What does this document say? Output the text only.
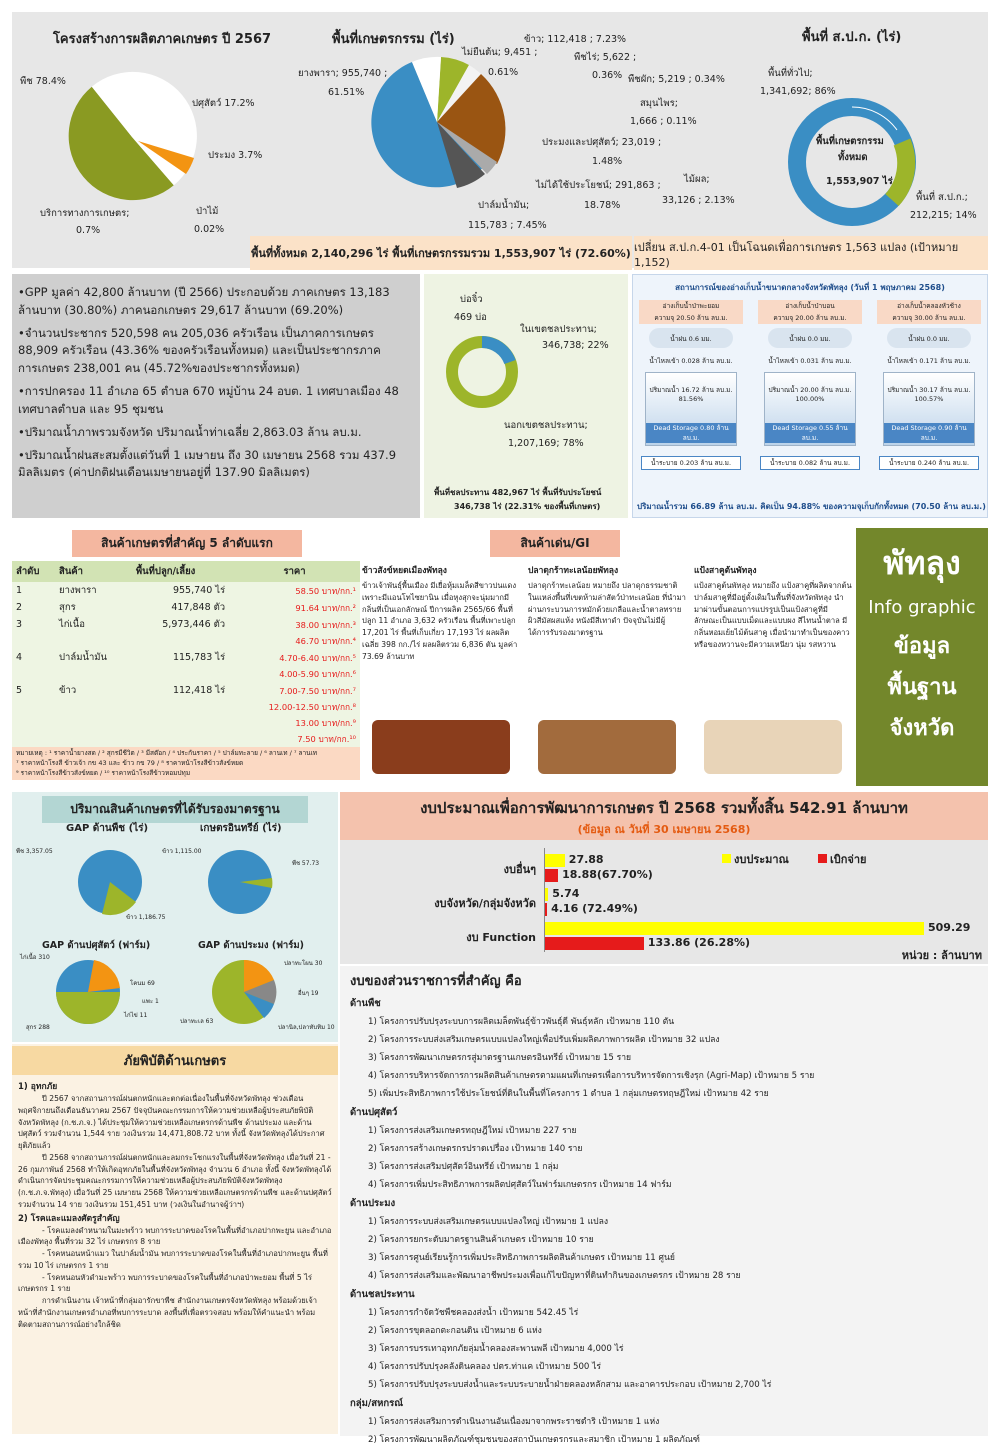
โครงสร้างการผลิตภาคเกษตร ปี 2567
พืช 78.4%
ปศุสัตว์ 17.2%
ประมง 3.7%
บริการทางการเกษตร;
0.7%
ป่าไม้
0.02%
พื้นที่เกษตรกรรม (ไร่)	ข้าว; 112,418 ; 7.23%
ไม่ยืนต้น; 9,451 ;
0.61%
พืชไร่; 5,622 ;
0.36% พืชผัก; 5,219 ; 0.34%
สมุนไพร;
1,666 ; 0.11%
ประมงและปศุสัตว์; 23,019 ;
1.48%
ไม่ได้ใช้ประโยชน์; 291,863 ;
18.78%
ไม้ผล;
33,126 ; 2.13%
ปาล์มน้ำมัน;
115,783 ; 7.45%
ยางพารา; 955,740 ;
61.51%
พื้นที่ ส.ป.ก. (ไร่)
พื้นที่ทั่วไป;
1,341,692; 86%
พื้นที่เกษตรกรรม
ทั้งหมด
1,553,907 ไร่
พื้นที่ ส.ป.ก.;
212,215; 14%
พื้นที่ทั้งหมด 2,140,296 ไร่ พื้นที่เกษตรกรรมรวม 1,553,907 ไร่ (72.60%) เปลี่ยน ส.ป.ก.4-01 เป็นโฉนดเพื่อการเกษตร 1,563 แปลง (เป้าหมาย 1,152)
•GPP มูลค่า 42,800 ล้านบาท (ปี 2566) ประกอบด้วย ภาคเกษตร 13,183 ล้านบาท (30.80%) ภาคนอกเกษตร 29,617 ล้านบาท (69.20%)
•จำนวนประชากร 520,598 คน 205,036 ครัวเรือน เป็นภาคการเกษตร 88,909 ครัวเรือน (43.36% ของครัวเรือนทั้งหมด) และเป็นประชากรภาคการเกษตร 238,001 คน (45.72%ของประชากรทั้งหมด)
•การปกครอง 11 อำเภอ 65 ตำบล 670 หมู่บ้าน 24 อบต. 1 เทศบาลเมือง 48 เทศบาลตำบล และ 95 ชุมชน
•ปริมาณน้ำภาพรวมจังหวัด ปริมาณน้ำท่าเฉลี่ย 2,863.03 ล้าน ลบ.ม.
•ปริมาณน้ำฝนสะสมตั้งแต่วันที่ 1 เมษายน ถึง 30 เมษายน 2568 รวม 437.9 มิลลิเมตร (ค่าปกติฝนเดือนเมษายนอยู่ที่ 137.90 มิลลิเมตร)
บ่อจิ๋ว
469 บ่อ
ในเขตชลประทาน;
346,738; 22%
นอกเขตชลประทาน;
1,207,169; 78%
พื้นที่ชลประทาน 482,967 ไร่ พื้นที่รับประโยชน์
346,738 ไร่ (22.31% ของพื้นที่เกษตร)
สถานการณ์ของอ่างเก็บน้ำขนาดกลางจังหวัดพัทลุง (วันที่ 1 พฤษภาคม 2568)
อ่างเก็บน้ำป่าพะยอม
ความจุ 20.50 ล้าน ลบ.ม.
น้ำฝน 0.6 มม.
น้ำไหลเข้า 0.028 ล้าน ลบ.ม.
ปริมาณน้ำ 16.72 ล้าน ลบ.ม.
81.56%
Dead Storage 0.80 ล้าน ลบ.ม.
น้ำระบาย 0.203 ล้าน ลบ.ม.
อ่างเก็บน้ำป่าบอน
ความจุ 20.00 ล้าน ลบ.ม.
น้ำฝน 0.0 มม.
น้ำไหลเข้า 0.031 ล้าน ลบ.ม.
ปริมาณน้ำ 20.00 ล้าน ลบ.ม.
100.00%
Dead Storage 0.55 ล้าน ลบ.ม.
น้ำระบาย 0.082 ล้าน ลบ.ม.
อ่างเก็บน้ำคลองหัวช้าง
ความจุ 30.00 ล้าน ลบ.ม.
น้ำฝน 0.0 มม.
น้ำไหลเข้า 0.171 ล้าน ลบ.ม.
ปริมาณน้ำ 30.17 ล้าน ลบ.ม.
100.57%
Dead Storage 0.90 ล้าน ลบ.ม.
น้ำระบาย 0.240 ล้าน ลบ.ม.
ปริมาณน้ำรวม 66.89 ล้าน ลบ.ม. คิดเป็น 94.88% ของความจุเก็บกักทั้งหมด (70.50 ล้าน ลบ.ม.)
สินค้าเกษตรที่สำคัญ 5 ลำดับแรก
ลำดับ	สินค้า	พื้นที่ปลูก/เลี้ยง	ราคา
1	ยางพารา	955,740 ไร่	58.50 บาท/กก.¹
2	สุกร	417,848 ตัว	91.64 บาท/กก.²
3	ไก่เนื้อ	5,973,446 ตัว	38.00 บาท/กก.³
			46.70 บาท/กก.⁴
4	ปาล์มน้ำมัน	115,783 ไร่	4.70-6.40 บาท/กก.⁵
			4.00-5.90 บาท/กก.⁶
5	ข้าว	112,418 ไร่	7.00-7.50 บาท/กก.⁷
			12.00-12.50 บาท/กก.⁸
			13.00 บาท/กก.⁹
			7.50 บาท/กก.¹⁰
หมายเหตุ : ¹ ราคาน้ำยางสด / ² สุกรมีชีวิต / ³ มีสต๊อก / ⁴ ประกันราคา / ⁵ ปาล์มทะลาย / ⁶ ลานเท / ⁷ ลานเท
⁷ ราคาหน้าโรงสี ข้าวเจ้า กข 43 และ ข้าว กข 79 / ⁸ ราคาหน้าโรงสีข้าวสังข์หยด
⁹ ราคาหน้าโรงสีข้าวสังข์หยด / ¹⁰ ราคาหน้าโรงสีข้าวหอมปทุม
สินค้าเด่น/GI
ข้าวสังข์หยดเมืองพัทลุง
ข้าวเจ้าพันธุ์พื้นเมือง มีเยื่อหุ้มเมล็ดสีขาวปนแดง เพราะมีแอนโทไซยานิน เมื่อหุงสุกจะนุ่มมากมีกลิ่นที่เป็นเอกลักษณ์ ปีการผลิต 2565/66 พื้นที่ปลูก 11 อำเภอ 3,632 ครัวเรือน พื้นที่เพาะปลูก 17,201 ไร่ พื้นที่เก็บเกี่ยว 17,193 ไร่ ผลผลิตเฉลี่ย 398 กก./ไร่ ผลผลิตรวม 6,836 ตัน มูลค่า 73.69 ล้านบาท
ปลาดุกร้าทะเลน้อยพัทลุง
ปลาดุกร้าทะเลน้อย หมายถึง ปลาดุกธรรมชาติ ในแหล่งพื้นที่เขตห้ามล่าสัตว์ป่าทะเลน้อย ที่นำมาผ่านกระบวนการหมักด้วยเกลือและน้ำตาลทราย ผิวสีมัสผสแห้ง หนังมีสีเทาดำ ปัจจุบันไม่มีผู้ได้การรับรองมาตรฐาน
แป้งสาคูต้นพัทลุง
แป้งสาคูต้นพัทลุง หมายถึง แป้งสาคูที่ผลิตจากต้นปาล์มสาคูที่มีอยู่ดั้งเดิมในพื้นที่จังหวัดพัทลุง นำมาผ่านขั้นตอนการแปรรูปเป็นแป้งสาคูที่มีลักษณะเป็นแบบเม็ดและแบบผง สีไทนน้ำตาล มีกลิ่นหอมเย้ยไม้ต้นสาคู เมื่อนำมาทำเป็นของคาวหรือของหวานจะมีความเหนียว นุ่ม รสหวาน
พัทลุง
Info graphic
ข้อมูล
พื้นฐาน
จังหวัด
ปริมาณสินค้าเกษตรที่ได้รับรองมาตรฐาน
GAP ด้านพืช (ไร่)	เกษตรอินทรีย์ (ไร่)
พืช 3,357.05
ข้าว 1,186.75
ข้าว 1,115.00
พืช 57.73
GAP ด้านปศุสัตว์ (ฟาร์ม)	GAP ด้านประมง (ฟาร์ม)
ไก่เนื้อ 310
โคนม 69
สุกร 288
ไก่ไข่ 11
แพะ 1
ปลาทะเล 63
ปลาทะโผน 30
อื่นๆ 19
ปลานิล,ปลาทับทิม 10
ภัยพิบัติด้านเกษตร
1) อุทกภัย

ปี 2567 จากสถานการณ์ฝนตกหนักและตกต่อเนื่องในพื้นที่จังหวัดพัทลุง ช่วงเดือนพฤศจิกายนถึงเดือนธันวาคม 2567 ปัจจุบันคณะกรรมการให้ความช่วยเหลือผู้ประสบภัยพิบัติจังหวัดพัทลุง (ก.ช.ภ.จ.) ได้ประชุมให้ความช่วยเหลือเกษตรกรด้านพืช ด้านประมง และด้านปศุสัตว์ รวมจำนวน 1,544 ราย วงเงินรวม 14,471,808.72 บาท ทั้งนี้ จังหวัดพัทลุงได้ประกาศยุติภัยแล้ว

ปี 2568 จากสถานการณ์ฝนตกหนักและลมกระโชกแรงในพื้นที่จังหวัดพัทลุง เมื่อวันที่ 21 - 26 กุมภาพันธ์ 2568 ทำให้เกิดอุทกภัยในพื้นที่จังหวัดพัทลุง จำนวน 6 อำเภอ ทั้งนี้ จังหวัดพัทลุงได้ดำเนินการจัดประชุมคณะกรรมการให้ความช่วยเหลือผู้ประสบภัยพิบัติจังหวัดพัทลุง (ก.ช.ภ.จ.พัทลุง) เมื่อวันที่ 25 เมษายน 2568 ให้ความช่วยเหลือเกษตรกรด้านพืช และด้านปศุสัตว์ รวมจำนวน 14 ราย วงเงินรวม 151,451 บาท (วงเงินในอำนาจผู้ว่าฯ)

2) โรคและแมลงศัตรูสำคัญ

- โรคแมลงดำหนามในมะพร้าว พบการระบาดของโรคในพื้นที่อำเภอปากพะยูน และอำเภอเมืองพัทลุง พื้นที่รวม 32 ไร่ เกษตรกร 8 ราย

- โรคหนอนหน้าแมว ในปาล์มน้ำมัน พบการระบาดของโรคในพื้นที่อำเภอปากพะยูน พื้นที่รวม 10 ไร่ เกษตรกร 1 ราย

- โรคหนอนหัวดำมะพร้าว พบการระบาดของโรคในพื้นที่อำเภอป่าพะยอม พื้นที่ 5 ไร่ เกษตรกร 1 ราย

การดำเนินงาน เจ้าหน้าที่กลุ่มอารักขาพืช สำนักงานเกษตรจังหวัดพัทลุง พร้อมด้วยเจ้าหน้าที่สำนักงานเกษตรอำเภอที่พบการระบาด ลงพื้นที่เพื่อตรวจสอบ พร้อมให้คำแนะนำ พร้อมติดตามสถานการณ์อย่างใกล้ชิด

งบประมาณเพื่อการพัฒนาการเกษตร ปี 2568 รวมทั้งสิ้น 542.91 ล้านบาท
(ข้อมูล ณ วันที่ 30 เมษายน 2568)
งบประมาณ	เบิกจ่าย
งบอื่นๆ
27.88
18.88(67.70%)
งบจังหวัด/กลุ่มจังหวัด
5.74
4.16 (72.49%)
งบ Function
509.29
133.86 (26.28%)
หน่วย : ล้านบาท
งบของส่วนราชการที่สำคัญ คือ
ด้านพืช
1) โครงการปรับปรุงระบบการผลิตเมล็ดพันธุ์ข้าวพันธุ์ดี พันธุ์หลัก เป้าหมาย 110 ตัน
2) โครงการระบบส่งเสริมเกษตรแบบแปลงใหญ่เพื่อปรับเพิ่มผลิตภาพการผลิต เป้าหมาย 32 แปลง
3) โครงการพัฒนาเกษตรกรสู่มาตรฐานเกษตรอินทรีย์ เป้าหมาย 15 ราย
4) โครงการบริหารจัดการการผลิตสินค้าเกษตรตามแผนที่เกษตรเพื่อการบริหารจัดการเชิงรุก (Agri-Map) เป้าหมาย 5 ราย
5) เพิ่มประสิทธิภาพการใช้ประโยชน์ที่ดินในพื้นที่โครงการ 1 ตำบล 1 กลุ่มเกษตรทฤษฎีใหม่ เป้าหมาย 42 ราย
ด้านปศุสัตว์
1) โครงการส่งเสริมเกษตรทฤษฎีใหม่ เป้าหมาย 227 ราย
2) โครงการสร้างเกษตรกรปราดเปรื่อง เป้าหมาย 140 ราย
3) โครงการส่งเสริมปศุสัตว์อินทรีย์ เป้าหมาย 1 กลุ่ม
4) โครงการเพิ่มประสิทธิภาพการผลิตปศุสัตว์ในฟาร์มเกษตรกร เป้าหมาย 14 ฟาร์ม
ด้านประมง
1) โครงการระบบส่งเสริมเกษตรแบบแปลงใหญ่ เป้าหมาย 1 แปลง
2) โครงการยกระดับมาตรฐานสินค้าเกษตร เป้าหมาย 10 ราย
3) โครงการศูนย์เรียนรู้การเพิ่มประสิทธิภาพการผลิตสินค้าเกษตร เป้าหมาย 11 ศูนย์
4) โครงการส่งเสริมและพัฒนาอาชีพประมงเพื่อแก้ไขปัญหาที่ดินทำกินของเกษตรกร เป้าหมาย 28 ราย
ด้านชลประทาน
1) โครงการกำจัดวัชพืชคลองส่งน้ำ เป้าหมาย 542.45 ไร่
2) โครงการขุดลอกตะกอนดิน เป้าหมาย 6 แห่ง
3) โครงการบรรเทาอุทกภัยลุ่มน้ำคลองสะพานพลี เป้าหมาย 4,000 ไร่
4) โครงการปรับปรุงคลังดินคลอง ปตร.ท่าแค เป้าหมาย 500 ไร่
5) โครงการปรับปรุงระบบส่งน้ำและระบบระบายน้ำฝ่ายคลองหลักสาม และอาคารประกอบ เป้าหมาย 2,700 ไร่
กลุ่ม/สหกรณ์
1) โครงการส่งเสริมการดำเนินงานอันเนื่องมาจากพระราชดำริ เป้าหมาย 1 แห่ง
2) โครงการพัฒนาผลิตภัณฑ์ชุมชนของสถาบันเกษตรกรและสมาชิก เป้าหมาย 1 ผลิตภัณฑ์
